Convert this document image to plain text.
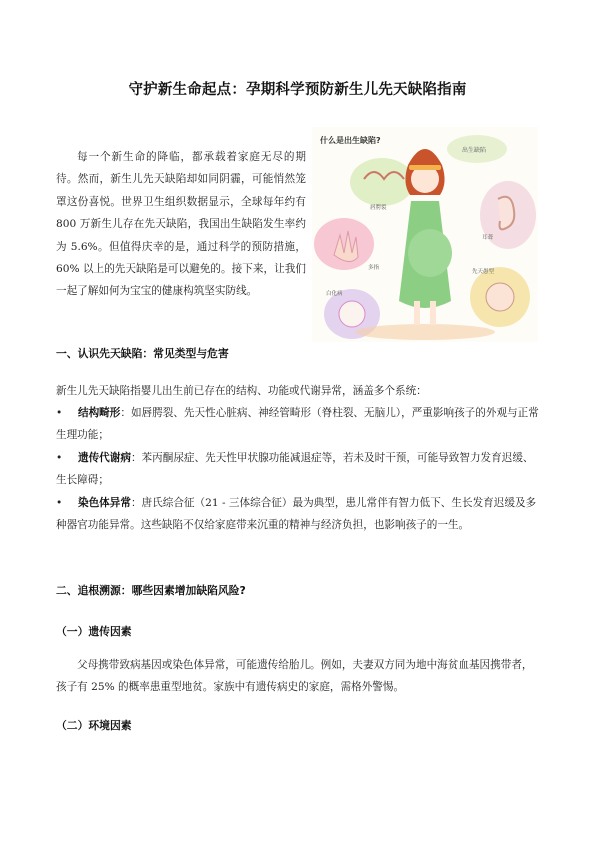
守护新生命起点：孕期科学预防新生儿先天缺陷指南

每一个新生命的降临，都承载着家庭无尽的期待。然而，新生儿先天缺陷却如同阴霾，可能悄然笼罩这份喜悦。世界卫生组织数据显示，全球每年约有 800 万新生儿存在先天缺陷，我国出生缺陷发生率约为 5.6%。但值得庆幸的是，通过科学的预防措施，60% 以上的先天缺陷是可以避免的。接下来，让我们一起了解如何为宝宝的健康构筑坚实防线。

什么是出生缺陷?
出生缺陷
唇腭裂
多指
白化病
耳聋
先天愚型
一、认识先天缺陷：常见类型与危害

新生儿先天缺陷指婴儿出生前已存在的结构、功能或代谢异常，涵盖多个系统：

• 结构畸形：如唇腭裂、先天性心脏病、神经管畸形（脊柱裂、无脑儿），严重影响孩子的外观与正常生理功能；
• 遗传代谢病：苯丙酮尿症、先天性甲状腺功能减退症等，若未及时干预，可能导致智力发育迟缓、生长障碍；
• 染色体异常：唐氏综合征（21 - 三体综合征）最为典型，患儿常伴有智力低下、生长发育迟缓及多种器官功能异常。这些缺陷不仅给家庭带来沉重的精神与经济负担，也影响孩子的一生。
二、追根溯源：哪些因素增加缺陷风险?
（一）遗传因素

父母携带致病基因或染色体异常，可能遗传给胎儿。例如，夫妻双方同为地中海贫血基因携带者，孩子有 25% 的概率患重型地贫。家族中有遗传病史的家庭，需格外警惕。

（二）环境因素
